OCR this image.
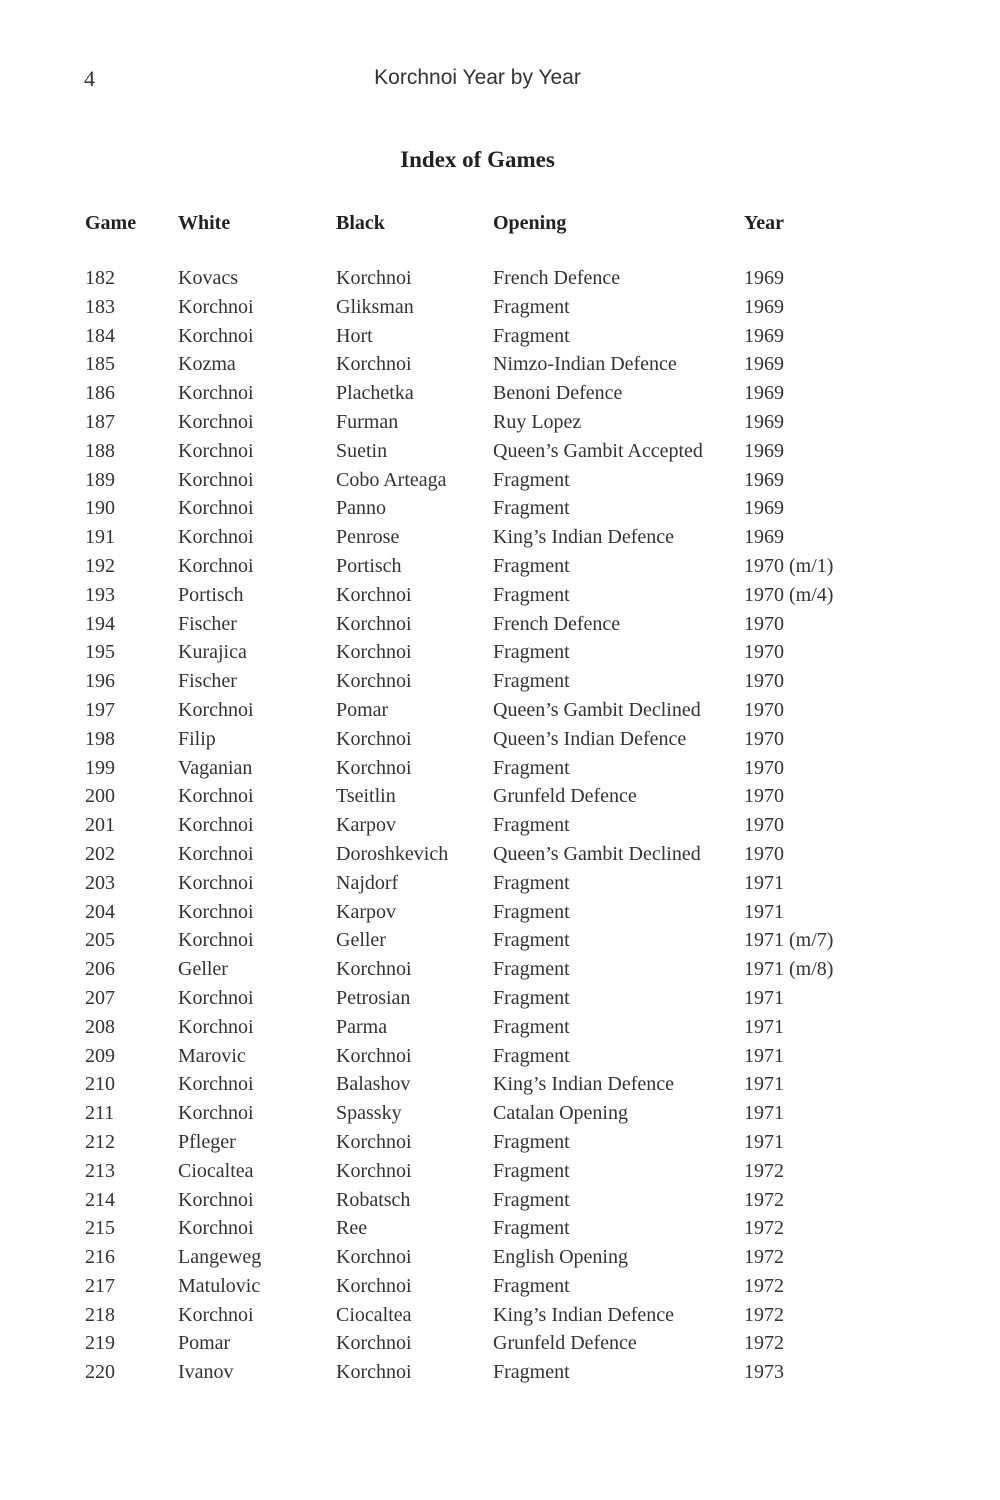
4	Korchnoi Year by Year
Index of Games
Game	White	Black	Opening	Year

182	Kovacs	Korchnoi	French Defence	1969
183	Korchnoi	Gliksman	Fragment	1969
184	Korchnoi	Hort	Fragment	1969
185	Kozma	Korchnoi	Nimzo-Indian Defence	1969
186	Korchnoi	Plachetka	Benoni Defence	1969
187	Korchnoi	Furman	Ruy Lopez	1969
188	Korchnoi	Suetin	Queen’s Gambit Accepted	1969
189	Korchnoi	Cobo Arteaga	Fragment	1969
190	Korchnoi	Panno	Fragment	1969
191	Korchnoi	Penrose	King’s Indian Defence	1969
192	Korchnoi	Portisch	Fragment	1970 (m/1)
193	Portisch	Korchnoi	Fragment	1970 (m/4)
194	Fischer	Korchnoi	French Defence	1970
195	Kurajica	Korchnoi	Fragment	1970
196	Fischer	Korchnoi	Fragment	1970
197	Korchnoi	Pomar	Queen’s Gambit Declined	1970
198	Filip	Korchnoi	Queen’s Indian Defence	1970
199	Vaganian	Korchnoi	Fragment	1970
200	Korchnoi	Tseitlin	Grunfeld Defence	1970
201	Korchnoi	Karpov	Fragment	1970
202	Korchnoi	Doroshkevich	Queen’s Gambit Declined	1970
203	Korchnoi	Najdorf	Fragment	1971
204	Korchnoi	Karpov	Fragment	1971
205	Korchnoi	Geller	Fragment	1971 (m/7)
206	Geller	Korchnoi	Fragment	1971 (m/8)
207	Korchnoi	Petrosian	Fragment	1971
208	Korchnoi	Parma	Fragment	1971
209	Marovic	Korchnoi	Fragment	1971
210	Korchnoi	Balashov	King’s Indian Defence	1971
211	Korchnoi	Spassky	Catalan Opening	1971
212	Pfleger	Korchnoi	Fragment	1971
213	Ciocaltea	Korchnoi	Fragment	1972
214	Korchnoi	Robatsch	Fragment	1972
215	Korchnoi	Ree	Fragment	1972
216	Langeweg	Korchnoi	English Opening	1972
217	Matulovic	Korchnoi	Fragment	1972
218	Korchnoi	Ciocaltea	King’s Indian Defence	1972
219	Pomar	Korchnoi	Grunfeld Defence	1972
220	Ivanov	Korchnoi	Fragment	1973
